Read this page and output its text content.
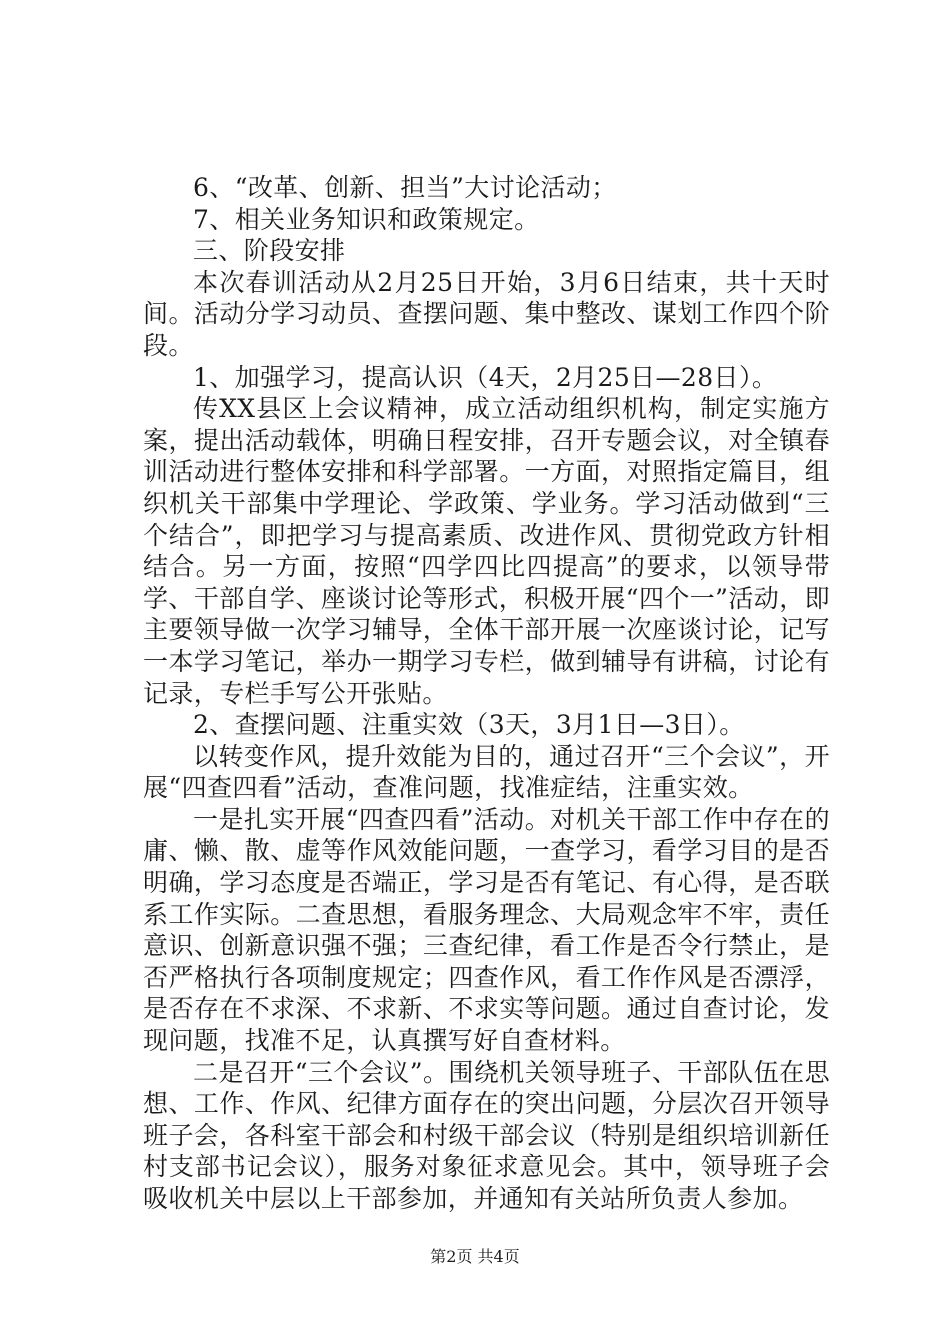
6、“改革、创新、担当”大讨论活动；

7、相关业务知识和政策规定。

三、阶段安排

本次春训活动从2月25日开始，3月6日结束，共十天时间。活动分学习动员、查摆问题、集中整改、谋划工作四个阶段。

1、加强学习，提高认识（4天，2月25日—28日）。

传XX县区上会议精神，成立活动组织机构，制定实施方案，提出活动载体，明确日程安排，召开专题会议，对全镇春训活动进行整体安排和科学部署。一方面，对照指定篇目，组织机关干部集中学理论、学政策、学业务。学习活动做到“三个结合”，即把学习与提高素质、改进作风、贯彻党政方针相结合。另一方面，按照“四学四比四提高”的要求，以领导带学、干部自学、座谈讨论等形式，积极开展“四个一”活动，即主要领导做一次学习辅导，全体干部开展一次座谈讨论，记写一本学习笔记，举办一期学习专栏，做到辅导有讲稿，讨论有记录，专栏手写公开张贴。

2、查摆问题、注重实效（3天，3月1日—3日）。

以转变作风，提升效能为目的，通过召开“三个会议”，开展“四查四看”活动，查准问题，找准症结，注重实效。

一是扎实开展“四查四看”活动。对机关干部工作中存在的庸、懒、散、虚等作风效能问题，一查学习，看学习目的是否明确，学习态度是否端正，学习是否有笔记、有心得，是否联系工作实际。二查思想，看服务理念、大局观念牢不牢，责任意识、创新意识强不强；三查纪律，看工作是否令行禁止，是否严格执行各项制度规定；四查作风，看工作作风是否漂浮，是否存在不求深、不求新、不求实等问题。通过自查讨论，发现问题，找准不足，认真撰写好自查材料。

二是召开“三个会议”。围绕机关领导班子、干部队伍在思想、工作、作风、纪律方面存在的突出问题，分层次召开领导班子会，各科室干部会和村级干部会议（特别是组织培训新任村支部书记会议），服务对象征求意见会。其中，领导班子会吸收机关中层以上干部参加，并通知有关站所负责人参加。

第2页 共4页
